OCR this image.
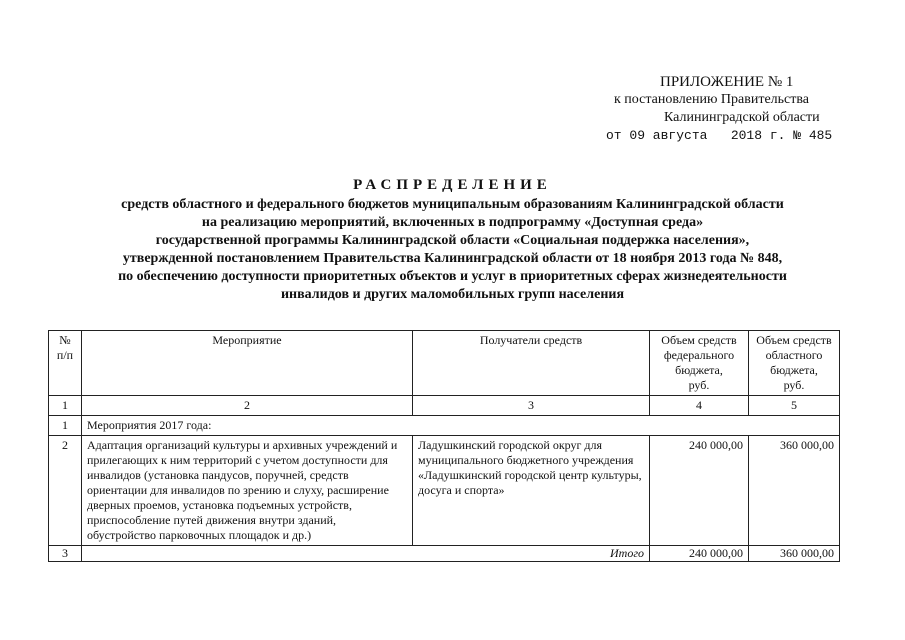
ПРИЛОЖЕНИЕ № 1
к постановлению Правительства
Калининградской области
от 09 августа   2018 г. № 485
РАСПРЕДЕЛЕНИЕ
средств областного и федерального бюджетов муниципальным образованиям Калининградской области
на реализацию мероприятий, включенных в подпрограмму «Доступная среда»
государственной программы Калининградской области «Социальная поддержка населения»,
утвержденной постановлением Правительства Калининградской области от 18 ноября 2013 года № 848,
по обеспечению доступности приоритетных объектов и услуг в приоритетных сферах жизнедеятельности
инвалидов и других маломобильных групп населения
№
п/п	Мероприятие	Получатели средств	Объем средств
федерального
бюджета,
руб.	Объем средств
областного
бюджета,
руб.
1	2	3	4	5
1	Мероприятия 2017 года:			
2	Адаптация организаций культуры и архивных учреждений и прилегающих к ним территорий с учетом доступности для инвалидов (установка пандусов, поручней, средств ориентации для инвалидов по зрению и слуху, расширение дверных проемов, установка подъемных устройств, приспособление путей движения внутри зданий, обустройство парковочных площадок и др.)	Ладушкинский городской округ для муниципального бюджетного учреждения «Ладушкинский городской центр культуры, досуга и спорта»	240 000,00	360 000,00
3	Итого		240 000,00	360 000,00
